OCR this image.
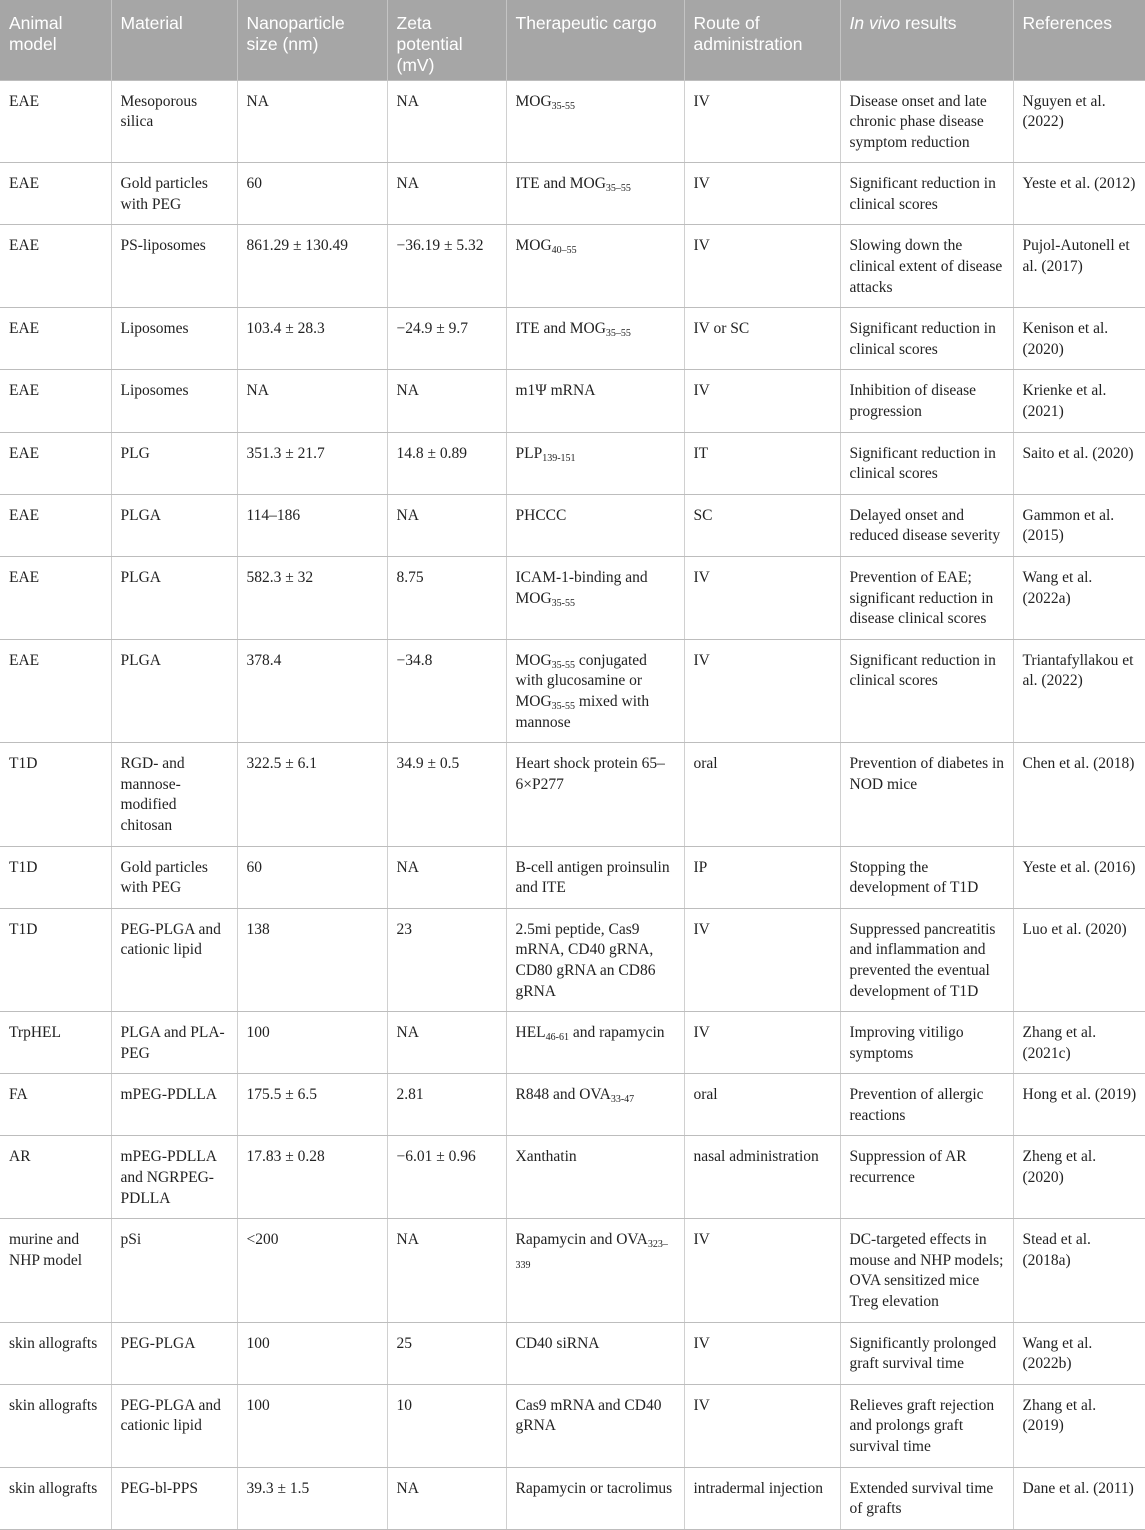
Animal model	Material	Nanoparticle size (nm)	Zeta potential (mV)	Therapeutic cargo	Route of administration	In vivo results	References
EAE	Mesoporous silica	NA	NA	$MOG_{35-55}$	IV	Disease onset and late chronic phase disease symptom reduction	Nguyen et al. (2022)
EAE	Gold particles with PEG	60	NA	ITE and $MOG_{35-55}$	IV	Significant reduction in clinical scores	Yeste et al. (2012)
EAE	PS-liposomes	861.29 ± 130.49	−36.19 ± 5.32	$MOG_{40-55}$	IV	Slowing down the clinical extent of disease attacks	Pujol-Autonell et al. (2017)
EAE	Liposomes	103.4 ± 28.3	−24.9 ± 9.7	ITE and $MOG_{35-55}$	IV or SC	Significant reduction in clinical scores	Kenison et al. (2020)
EAE	Liposomes	NA	NA	m1Ψ mRNA	IV	Inhibition of disease progression	Krienke et al. (2021)
EAE	PLG	351.3 ± 21.7	14.8 ± 0.89	$PLP_{139-151}$	IT	Significant reduction in clinical scores	Saito et al. (2020)
EAE	PLGA	114–186	NA	PHCCC	SC	Delayed onset and reduced disease severity	Gammon et al. (2015)
EAE	PLGA	582.3 ± 32	8.75	ICAM-1-binding and $MOG_{35-55}$	IV	Prevention of EAE; significant reduction in disease clinical scores	Wang et al. (2022a)
EAE	PLGA	378.4	−34.8	$MOG_{35-55}$ conjugated with glucosamine or $MOG_{35-55}$ mixed with mannose	IV	Significant reduction in clinical scores	Triantafyllakou et al. (2022)
T1D	RGD- and mannose-modified chitosan	322.5 ± 6.1	34.9 ± 0.5	Heart shock protein 65–6×P277	oral	Prevention of diabetes in NOD mice	Chen et al. (2018)
T1D	Gold particles with PEG	60	NA	B-cell antigen proinsulin and ITE	IP	Stopping the development of T1D	Yeste et al. (2016)
T1D	PEG-PLGA and cationic lipid	138	23	2.5mi peptide, Cas9 mRNA, CD40 gRNA, CD80 gRNA an CD86 gRNA	IV	Suppressed pancreatitis and inflammation and prevented the eventual development of T1D	Luo et al. (2020)
TrpHEL	PLGA and PLA-PEG	100	NA	$HEL_{46-61}$ and rapamycin	IV	Improving vitiligo symptoms	Zhang et al. (2021c)
FA	mPEG-PDLLA	175.5 ± 6.5	2.81	R848 and $OVA_{33-47}$	oral	Prevention of allergic reactions	Hong et al. (2019)
AR	mPEG-PDLLA and NGRPEG-PDLLA	17.83 ± 0.28	−6.01 ± 0.96	Xanthatin	nasal administration	Suppression of AR recurrence	Zheng et al. (2020)
murine and NHP model	pSi	<200	NA	Rapamycin and $OVA_{323-339}$	IV	DC-targeted effects in mouse and NHP models; OVA sensitized mice Treg elevation	Stead et al. (2018a)
skin allografts	PEG-PLGA	100	25	CD40 siRNA	IV	Significantly prolonged graft survival time	Wang et al. (2022b)
skin allografts	PEG-PLGA and cationic lipid	100	10	Cas9 mRNA and CD40 gRNA	IV	Relieves graft rejection and prolongs graft survival time	Zhang et al. (2019)
skin allografts	PEG-bl-PPS	39.3 ± 1.5	NA	Rapamycin or tacrolimus	intradermal injection	Extended survival time of grafts	Dane et al. (2011)
